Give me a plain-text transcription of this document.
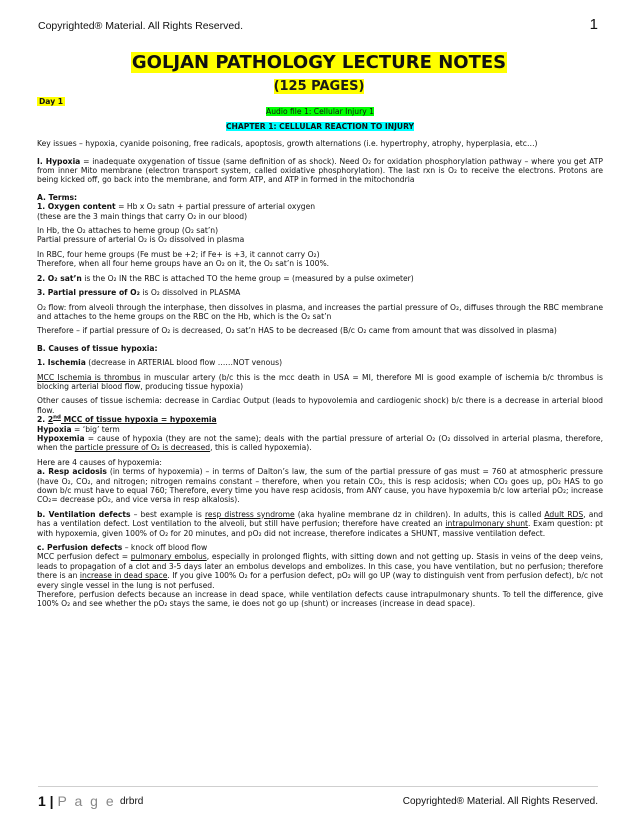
Copyrighted® Material. All Rights Reserved.	1
GOLJAN PATHOLOGY LECTURE NOTES
(125 PAGES)

Day 1

Audio file 1: Cellular Injury 1

CHAPTER 1: CELLULAR REACTION TO INJURY

Key issues – hypoxia, cyanide poisoning, free radicals, apoptosis, growth alternations (i.e. hypertrophy, atrophy, hyperplasia, etc…)

I. Hypoxia = inadequate oxygenation of tissue (same definition of as shock). Need O₂ for oxidation phosphorylation pathway – where you get ATP from inner Mito membrane (electron transport system, called oxidative phosphorylation). The last rxn is O₂ to receive the electrons. Protons are being kicked off, go back into the membrane, and form ATP, and ATP in formed in the mitochondria

A. Terms:

1. Oxygen content = Hb x O₂ satn + partial pressure of arterial oxygen

(these are the 3 main things that carry O₂ in our blood)

In Hb, the O₂ attaches to heme group (O₂ sat’n)

Partial pressure of arterial O₂ is O₂ dissolved in plasma

In RBC, four heme groups (Fe must be +2; if Fe+ is +3, it cannot carry O₂)

Therefore, when all four heme groups have an O₂ on it, the O₂ sat’n is 100%.

2. O₂ sat’n is the O₂ IN the RBC is attached TO the heme group = (measured by a pulse oximeter)

3. Partial pressure of O₂ is O₂ dissolved in PLASMA

O₂ flow: from alveoli through the interphase, then dissolves in plasma, and increases the partial pressure of O₂, diffuses through the RBC membrane and attaches to the heme groups on the RBC on the Hb, which is the O₂ sat’n

Therefore – if partial pressure of O₂ is decreased, O₂ sat’n HAS to be decreased (B/c O₂ came from amount that was dissolved in plasma)

B. Causes of tissue hypoxia:

1. Ischemia (decrease in ARTERIAL blood flow ……NOT venous)

MCC Ischemia is thrombus in muscular artery (b/c this is the mcc death in USA = MI, therefore MI is good example of ischemia b/c thrombus is blocking arterial blood flow, producing tissue hypoxia)

Other causes of tissue ischemia: decrease in Cardiac Output (leads to hypovolemia and cardiogenic shock) b/c there is a decrease in arterial blood flow.

2. 2nd MCC of tissue hypoxia = hypoxemia

Hypoxia = ‘big’ term

Hypoxemia = cause of hypoxia (they are not the same); deals with the partial pressure of arterial O₂ (O₂ dissolved in arterial plasma, therefore, when the particle pressure of O₂ is decreased, this is called hypoxemia).

Here are 4 causes of hypoxemia:

a. Resp acidosis (in terms of hypoxemia) – in terms of Dalton’s law, the sum of the partial pressure of gas must = 760 at atmospheric pressure (have O₂, CO₂, and nitrogen; nitrogen remains constant – therefore, when you retain CO₂, this is resp acidosis; when CO₂ goes up, pO₂ HAS to go down b/c must have to equal 760; Therefore, every time you have resp acidosis, from ANY cause, you have hypoxemia b/c low arterial pO₂; increase CO₂= decrease pO₂, and vice versa in resp alkalosis).

b. Ventilation defects – best example is resp distress syndrome (aka hyaline membrane dz in children). In adults, this is called Adult RDS, and has a ventilation defect. Lost ventilation to the alveoli, but still have perfusion; therefore have created an intrapulmonary shunt. Exam question: pt with hypoxemia, given 100% of O₂ for 20 minutes, and pO₂ did not increase, therefore indicates a SHUNT, massive ventilation defect.

c. Perfusion defects – knock off blood flow

MCC perfusion defect = pulmonary embolus, especially in prolonged flights, with sitting down and not getting up. Stasis in veins of the deep veins, leads to propagation of a clot and 3-5 days later an embolus develops and embolizes. In this case, you have ventilation, but no perfusion; therefore there is an increase in dead space. If you give 100% O₂ for a perfusion defect, pO₂ will go UP (way to distinguish vent from perfusion defect), b/c not every single vessel in the lung is not perfused.

Therefore, perfusion defects because an increase in dead space, while ventilation defects cause intrapulmonary shunts. To tell the difference, give 100% O₂ and see whether the pO₂ stays the same, ie does not go up (shunt) or increases (increase in dead space).

1 | P a g e drbrd	Copyrighted® Material. All Rights Reserved.
